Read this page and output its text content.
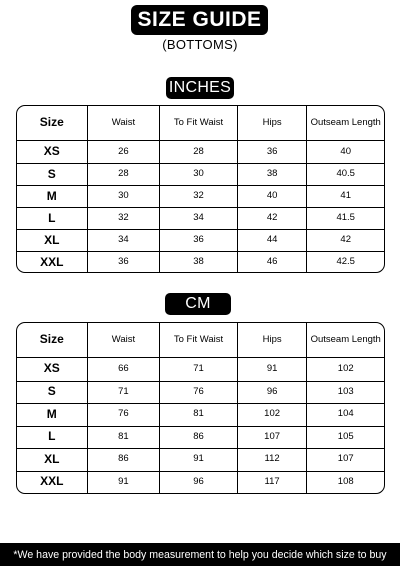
SIZE GUIDE
(BOTTOMS)
INCHES
Size	Waist	To Fit Waist	Hips	Outseam Length
XS	26	28	36	40
S	28	30	38	40.5
M	30	32	40	41
L	32	34	42	41.5
XL	34	36	44	42
XXL	36	38	46	42.5
CM
Size	Waist	To Fit Waist	Hips	Outseam Length
XS	66	71	91	102
S	71	76	96	103
M	76	81	102	104
L	81	86	107	105
XL	86	91	112	107
XXL	91	96	117	108
*We have provided the body measurement to help you decide which size to buy
